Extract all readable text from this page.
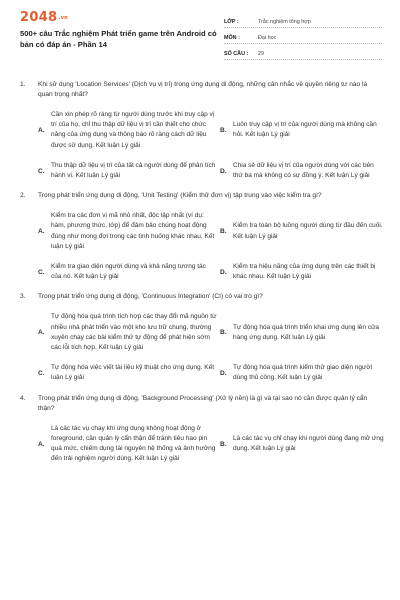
2048.vn
500+ câu Trắc nghiệm Phát triển game trên Android có bản có đáp án - Phần 14
LỚP :	Trắc nghiệm tổng hợp
MÔN :	Đại học
SỐ CÂU :	29
1.	Khi sử dụng 'Location Services' (Dịch vụ vị trí) trong ứng dụng di động, những cân nhắc về quyền riêng tư nào là quan trọng nhất?
A.
Cần xin phép rõ ràng từ người dùng trước khi truy cập vị trí của họ, chỉ thu thập dữ liệu vị trí cần thiết cho chức năng của ứng dụng và thông báo rõ ràng cách dữ liệu được sử dụng. Kết luận Lý giải
B.
Luôn truy cập vị trí của người dùng mà không cần hỏi. Kết luận Lý giải
C.
Thu thập dữ liệu vị trí của tất cả người dùng để phân tích hành vi. Kết luận Lý giải
D.
Chia sẻ dữ liệu vị trí của người dùng với các bên thứ ba mà không có sự đồng ý. Kết luận Lý giải
2.	Trong phát triển ứng dụng di động, 'Unit Testing' (Kiểm thử đơn vị) tập trung vào việc kiểm tra gì?
A.
Kiểm tra các đơn vị mã nhỏ nhất, độc lập nhất (ví dụ: hàm, phương thức, lớp) để đảm bảo chúng hoạt động đúng như mong đợi trong các tình huống khác nhau. Kết luận Lý giải
B.
Kiểm tra toàn bộ luồng người dùng từ đầu đến cuối. Kết luận Lý giải
C.
Kiểm tra giao diện người dùng và khả năng tương tác của nó. Kết luận Lý giải
D.
Kiểm tra hiệu năng của ứng dụng trên các thiết bị khác nhau. Kết luận Lý giải
3.	Trong phát triển ứng dụng di động, 'Continuous Integration' (CI) có vai trò gì?
A.
Tự động hóa quá trình tích hợp các thay đổi mã nguồn từ nhiều nhà phát triển vào một kho lưu trữ chung, thường xuyên chạy các bài kiểm thử tự động để phát hiện sớm các lỗi tích hợp. Kết luận Lý giải
B.
Tự động hóa quá trình triển khai ứng dụng lên cửa hàng ứng dụng. Kết luận Lý giải
C.
Tự động hóa việc viết tài liệu kỹ thuật cho ứng dụng. Kết luận Lý giải
D.
Tự động hóa quá trình kiểm thử giao diện người dùng thủ công. Kết luận Lý giải
4.	Trong phát triển ứng dụng di động, 'Background Processing' (Xử lý nền) là gì và tại sao nó cần được quản lý cẩn thận?
A.
Là các tác vụ chạy khi ứng dụng không hoạt động ở foreground, cần quản lý cẩn thận để tránh tiêu hao pin quá mức, chiếm dụng tài nguyên hệ thống và ảnh hưởng đến trải nghiệm người dùng. Kết luận Lý giải
B.
Là các tác vụ chỉ chạy khi người dùng đang mở ứng dụng. Kết luận Lý giải
